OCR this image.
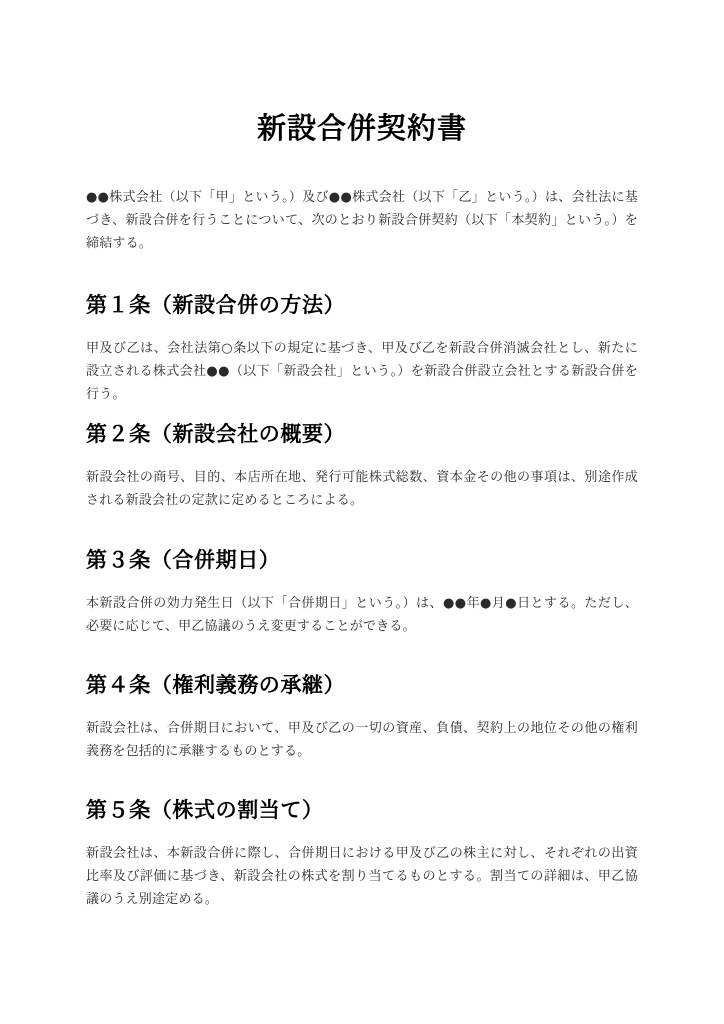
新設合併契約書

●●株式会社（以下「甲」という。）及び●●株式会社（以下「乙」という。）は、会社法に基づき、新設合併を行うことについて、次のとおり新設合併契約（以下「本契約」という。）を締結する。

第１条（新設合併の方法）

甲及び乙は、会社法第○条以下の規定に基づき、甲及び乙を新設合併消滅会社とし、新たに設立される株式会社●●（以下「新設会社」という。）を新設合併設立会社とする新設合併を行う。

第２条（新設会社の概要）

新設会社の商号、目的、本店所在地、発行可能株式総数、資本金その他の事項は、別途作成される新設会社の定款に定めるところによる。

第３条（合併期日）

本新設合併の効力発生日（以下「合併期日」という。）は、●●年●月●日とする。ただし、必要に応じて、甲乙協議のうえ変更することができる。

第４条（権利義務の承継）

新設会社は、合併期日において、甲及び乙の一切の資産、負債、契約上の地位その他の権利義務を包括的に承継するものとする。

第５条（株式の割当て）

新設会社は、本新設合併に際し、合併期日における甲及び乙の株主に対し、それぞれの出資比率及び評価に基づき、新設会社の株式を割り当てるものとする。割当ての詳細は、甲乙協議のうえ別途定める。
